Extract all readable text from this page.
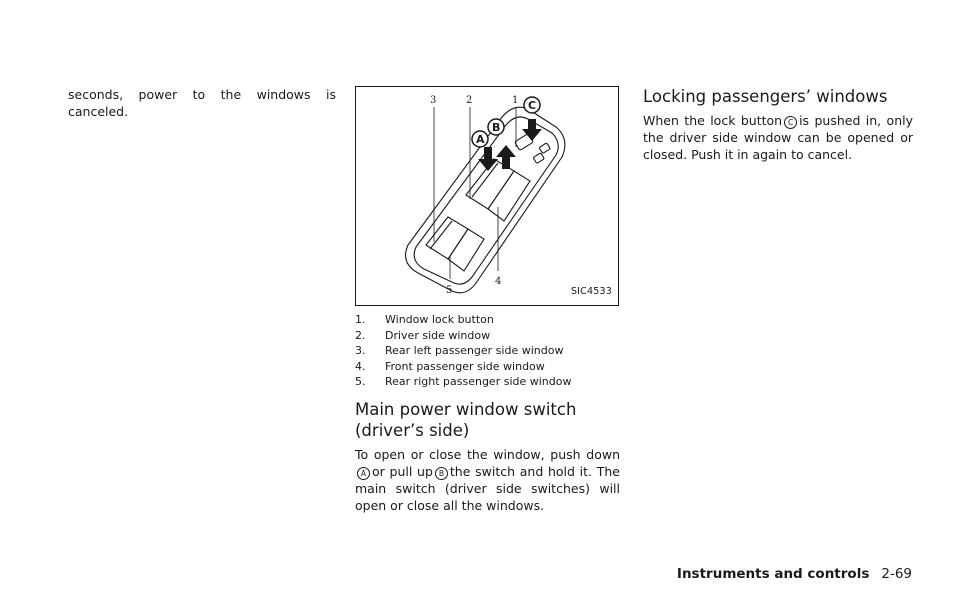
seconds, power to the windows is canceled.

3	2	1
4
5
A
B
C
SIC4533
1.	Window lock button
2.	Driver side window
3.	Rear left passenger side window
4.	Front passenger side window
5.	Rear right passenger side window
Main power window switch (driver’s side)

To open or close the window, push down A or pull up B the switch and hold it. The main switch (driver side switches) will open or close all the windows.

Locking passengers’ windows

When the lock button C is pushed in, only the driver side window can be opened or closed. Push it in again to cancel.

Instruments and controls 2-69
